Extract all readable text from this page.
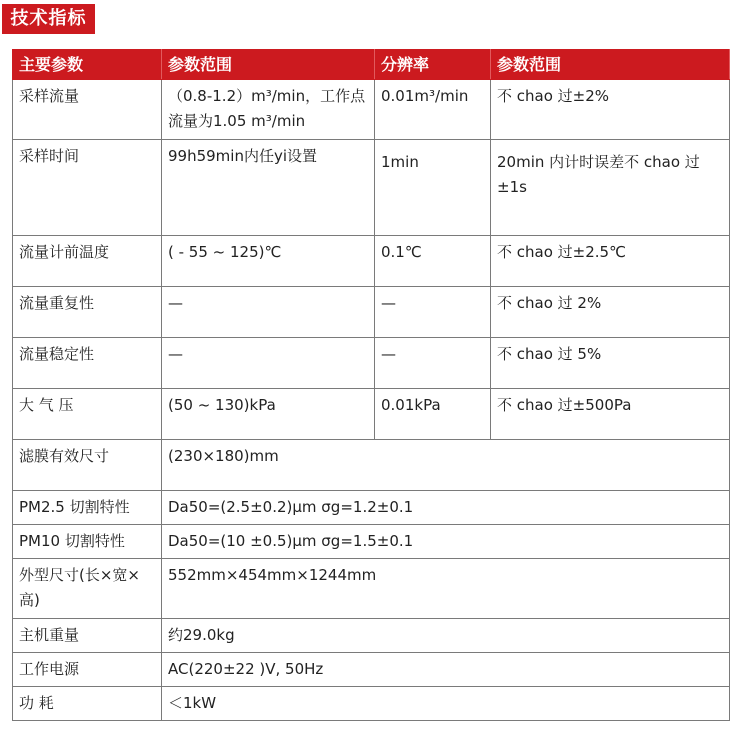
技术指标
主要参数	参数范围	分辨率	参数范围
采样流量	（0.8-1.2）m³/min，工作点流量为1.05 m³/min	0.01m³/min	不 chao 过±2%
采样时间	99h59min内任yi设置	1min	20min 内计时误差不 chao 过±1s
流量计前温度	( - 55 ~ 125)℃	0.1℃	不 chao 过±2.5℃
流量重复性	—	—	不 chao 过 2%
流量稳定性	—	—	不 chao 过 5%
大 气 压	(50 ~ 130)kPa	0.01kPa	不 chao 过±500Pa
滤膜有效尺寸	(230×180)mm		
PM2.5 切割特性	Da50=(2.5±0.2)μm σg=1.2±0.1		
PM10 切割特性	Da50=(10 ±0.5)μm σg=1.5±0.1		
外型尺寸(长×宽×高)	552mm×454mm×1244mm		
主机重量	约29.0kg		
工作电源	AC(220±22 )V, 50Hz		
功 耗	＜1kW		
